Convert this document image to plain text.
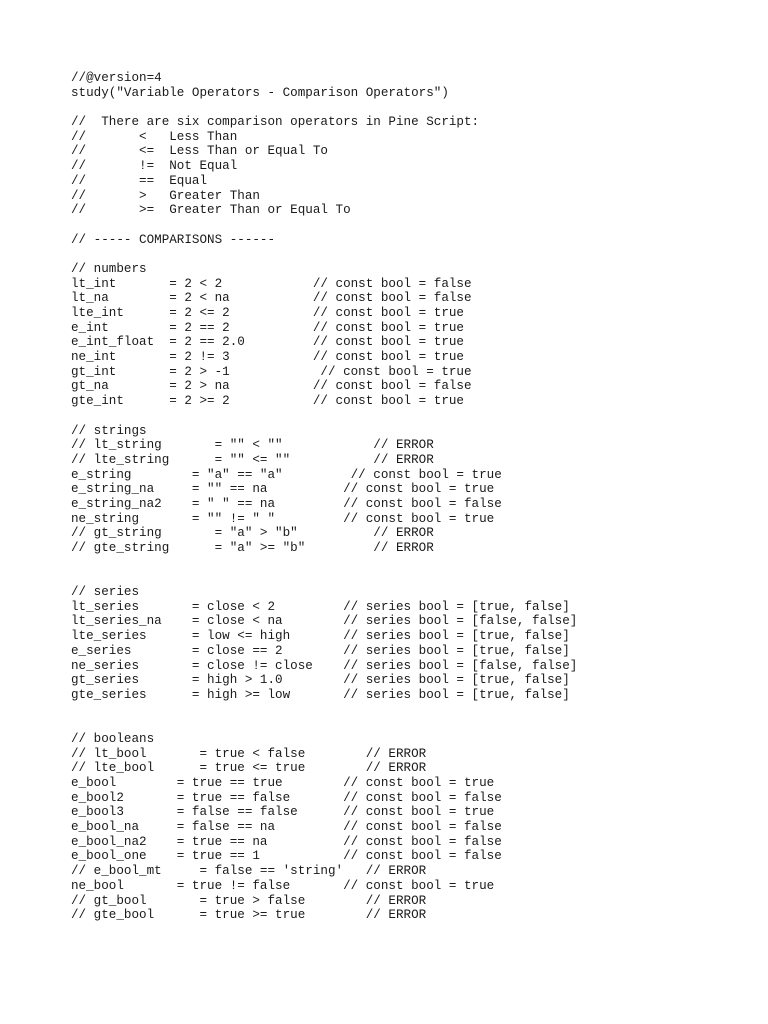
//@version=4
study("Variable Operators - Comparison Operators")
//  There are six comparison operators in Pine Script:
//       <   Less Than
//       <=  Less Than or Equal To
//       !=  Not Equal
//       ==  Equal
//       >   Greater Than
//       >=  Greater Than or Equal To
// ----- COMPARISONS ------
// numbers
lt_int       = 2 < 2            // const bool = false
lt_na        = 2 < na           // const bool = false
lte_int      = 2 <= 2           // const bool = true
e_int        = 2 == 2           // const bool = true
e_int_float  = 2 == 2.0         // const bool = true
ne_int       = 2 != 3           // const bool = true
gt_int       = 2 > -1            // const bool = true
gt_na        = 2 > na           // const bool = false
gte_int      = 2 >= 2           // const bool = true
// strings
// lt_string       = "" < ""            // ERROR
// lte_string      = "" <= ""           // ERROR
e_string        = "a" == "a"         // const bool = true
e_string_na     = "" == na          // const bool = true
e_string_na2    = " " == na         // const bool = false
ne_string       = "" != " "         // const bool = true
// gt_string       = "a" > "b"          // ERROR
// gte_string      = "a" >= "b"         // ERROR
// series
lt_series       = close < 2         // series bool = [true, false]
lt_series_na    = close < na        // series bool = [false, false]
lte_series      = low <= high       // series bool = [true, false]
e_series        = close == 2        // series bool = [true, false]
ne_series       = close != close    // series bool = [false, false]
gt_series       = high > 1.0        // series bool = [true, false]
gte_series      = high >= low       // series bool = [true, false]
// booleans
// lt_bool       = true < false        // ERROR
// lte_bool      = true <= true        // ERROR
e_bool        = true == true        // const bool = true
e_bool2       = true == false       // const bool = false
e_bool3       = false == false      // const bool = true
e_bool_na     = false == na         // const bool = false
e_bool_na2    = true == na          // const bool = false
e_bool_one    = true == 1           // const bool = false
// e_bool_mt     = false == 'string'   // ERROR
ne_bool       = true != false       // const bool = true
// gt_bool       = true > false        // ERROR
// gte_bool      = true >= true        // ERROR
